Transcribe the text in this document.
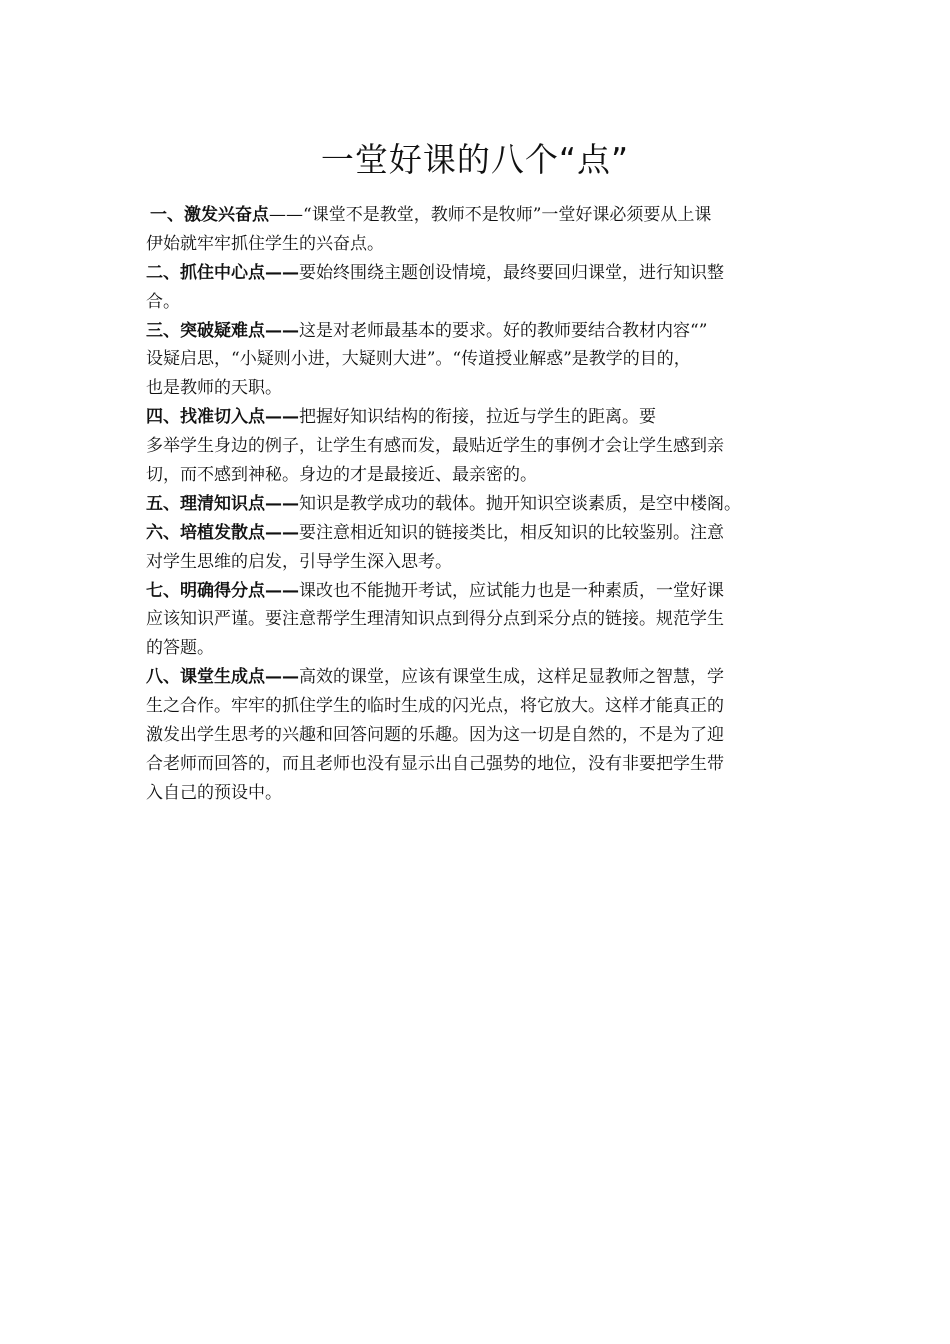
一堂好课的八个“点”
一、激发兴奋点——“课堂不是教堂，教师不是牧师”一堂好课必须要从上课
伊始就牢牢抓住学生的兴奋点。
二、抓住中心点——要始终围绕主题创设情境，最终要回归课堂，进行知识整
合。
三、突破疑难点——这是对老师最基本的要求。好的教师要结合教材内容“”
设疑启思，“小疑则小进，大疑则大进”。“传道授业解惑”是教学的目的，
也是教师的天职。
四、找准切入点——把握好知识结构的衔接，拉近与学生的距离。要
多举学生身边的例子，让学生有感而发，最贴近学生的事例才会让学生感到亲
切，而不感到神秘。身边的才是最接近、最亲密的。
五、理清知识点——知识是教学成功的载体。抛开知识空谈素质，是空中楼阁。
六、培植发散点——要注意相近知识的链接类比，相反知识的比较鉴别。注意
对学生思维的启发，引导学生深入思考。
七、明确得分点——课改也不能抛开考试，应试能力也是一种素质，一堂好课
应该知识严谨。要注意帮学生理清知识点到得分点到采分点的链接。规范学生
的答题。
八、课堂生成点——高效的课堂，应该有课堂生成，这样足显教师之智慧，学
生之合作。牢牢的抓住学生的临时生成的闪光点，将它放大。这样才能真正的
激发出学生思考的兴趣和回答问题的乐趣。因为这一切是自然的，不是为了迎
合老师而回答的，而且老师也没有显示出自己强势的地位，没有非要把学生带
入自己的预设中。
